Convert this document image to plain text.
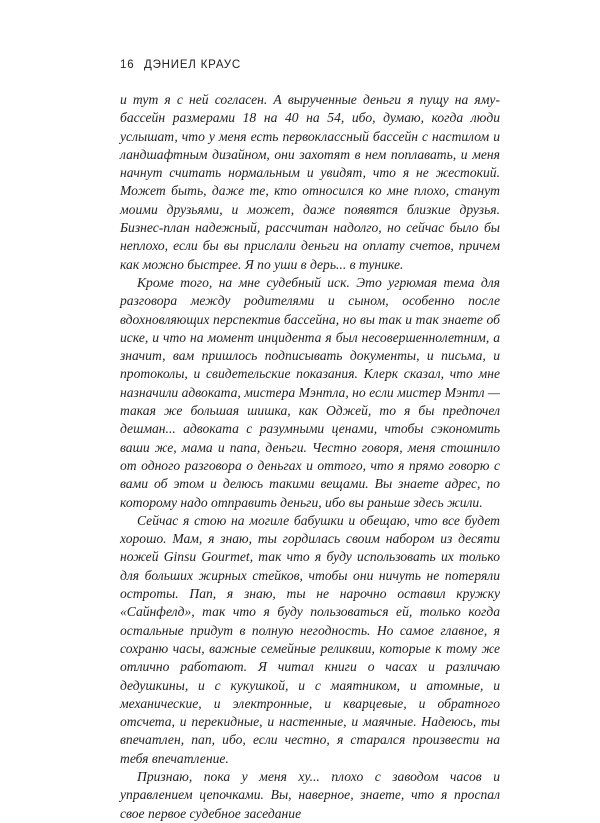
16 ДЭНИЕЛ КРАУС

и тут я с ней согласен. А вырученные деньги я пущу на яму-бассейн размерами 18 на 40 на 54, ибо, думаю, когда люди услышат, что у меня есть первоклассный бассейн с настилом и ландшафтным дизайном, они захотят в нем поплавать, и меня начнут считать нормальным и увидят, что я не жестокий. Может быть, даже те, кто относился ко мне плохо, станут моими друзьями, и может, даже появятся близкие друзья. Бизнес-план надежный, рассчитан надолго, но сейчас было бы неплохо, если бы вы прислали деньги на оплату счетов, причем как можно быстрее. Я по уши в дерь... в тунике.

Кроме того, на мне судебный иск. Это угрюмая тема для разговора между родителями и сыном, особенно после вдохновляющих перспектив бассейна, но вы так и так знаете об иске, и что на момент инцидента я был несовершеннолетним, а значит, вам пришлось подписывать документы, и письма, и протоколы, и свидетельские показания. Клерк сказал, что мне назначили адвоката, мистера Мэнтла, но если мистер Мэнтл — такая же большая шишка, как Оджей, то я бы предпочел дешман... адвоката с разумными ценами, чтобы сэкономить ваши же, мама и папа, деньги. Честно говоря, меня стошнило от одного разговора о деньгах и оттого, что я прямо говорю с вами об этом и делюсь такими вещами. Вы знаете адрес, по которому надо отправить деньги, ибо вы раньше здесь жили.

Сейчас я стою на могиле бабушки и обещаю, что все будет хорошо. Мам, я знаю, ты гордилась своим набором из десяти ножей Ginsu Gourmet, так что я буду использовать их только для больших жирных стейков, чтобы они ничуть не потеряли остроты. Пап, я знаю, ты не нарочно оставил кружку «Сайнфелд», так что я буду пользоваться ей, только когда остальные придут в полную негодность. Но самое главное, я сохраню часы, важные семейные реликвии, которые к тому же отлично работают. Я читал книги о часах и различаю дедушкины, и с кукушкой, и с маятником, и атомные, и механические, и электронные, и кварцевые, и обратного отсчета, и перекидные, и настенные, и маячные. Надеюсь, ты впечатлен, пап, ибо, если честно, я старался произвести на тебя впечатление.

Признаю, пока у меня ху... плохо с заводом часов и управлением цепочками. Вы, наверное, знаете, что я проспал свое первое судебное заседание
